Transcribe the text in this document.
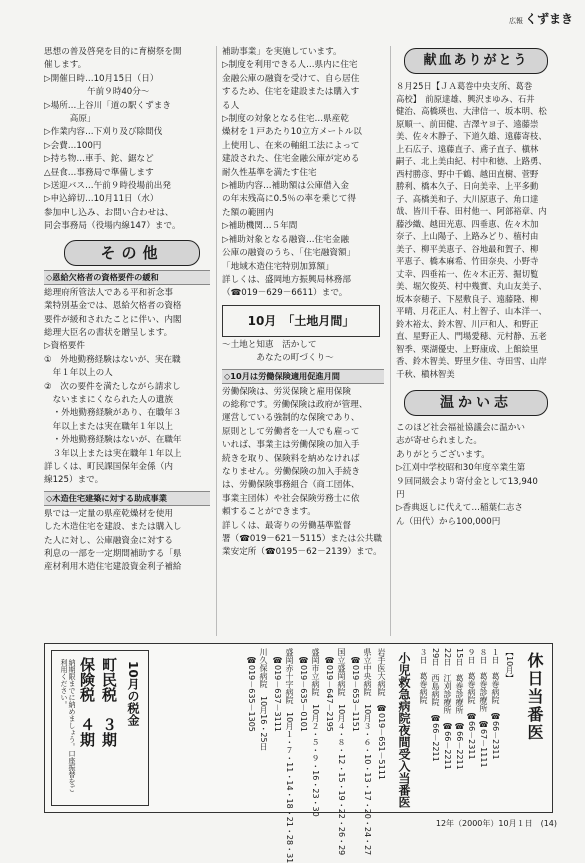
広報 くずまき

思想の普及啓発を目的に育樹祭を開

催します。

▷開催日時…10月15日（日）

　　　　　午前９時40分～

▷場所…上谷川「道の駅くずまき

　　　高原」

▷作業内容…下刈り及び除間伐

▷会費…100円

▷持ち物…車手、鉈、鋸など

△昼食…事務局で準備します

▷送迎バス…午前９時役場前出発

▷申込締切…10月11日（水）

参加申し込み、お問い合わせは、

同会事務局（役場内線147）まで。

その他
◇恩給欠格者の資格要件の緩和

総理府所管法人である平和祈念事

業特別基金では、恩給欠格者の資格

要件が緩和されたことに伴い、内閣

総理大臣名の書状を贈呈します。

▷資格要件

①　外地勤務経験はないが、実在職

　年１年以上の人

②　次の要件を満たしながら請求し

　ないままにくなられた人の遺族

　・外地勤務経験があり、在職年３

　年以上または実在職年１年以上

　・外地勤務経験はないが、在職年

　３年以上または実在職年１年以上

詳しくは、町民課国保年金係（内

線125）まで。

◇木造住宅建築に対する助成事業

県では一定量の県産乾燥材を使用

した木造住宅を建設、または購入し

た人に対し、公庫融資金に対する

利息の一部を一定期間補助する「県

産材利用木造住宅建設資金利子補給

補助事業」を実施しています。

▷制度を利用できる人…県内に住宅

金融公庫の融資を受けて、自ら居住

するため、住宅を建設または購入す

る人

▷制度の対象となる住宅…県産乾

燥材を１戸あたり10立方メートル以

上使用し、在来の軸組工法によって

建設された、住宅金融公庫が定める

耐久性基準を満たす住宅

▷補助内容…補助額は公庫借入金

の年末残高に0.5％の率を乗じて得

た額の範囲内

▷補助機関…５年間

▷補助対象となる融資…住宅金融

公庫の融資のうち、「住宅融資額」

「地域木造住宅特別加算額」

詳しくは、盛岡地方振興局林務部

（☎019－629－6611）まで。

10月　「土地月間」

～土地と知恵　活かして

　　　　あなたの町づくり～

◇10月は労働保険適用促進月間

労働保険は、労災保険と雇用保険

の総称です。労働保険は政府が管理、

運営している強制的な保険であり、

原則として労働者を一人でも雇って

いれば、事業主は労働保険の加入手

続きを取り、保険料を納めなければ

なりません。労働保険の加入手続き

は、労働保険事務組合（商工団体、

事業主団体）や社会保険労務士に依

頼することができます。

詳しくは、最寄りの労働基準監督

署（☎019－621－5115）または公共職

業安定所（☎0195－62－2139）まで。

献血ありがとう

８月25日【ＪＡ葛巻中央支所、葛巻

高校】　前原達雄、興沢まゆみ、石井

健治、高橋瑛也、大津信一、坂本明、松

原順一、前田健、吉澤ヤヨ子、遠藤崇

美、佐々木静子、下道久雄、遠藤寄枝、

上石広子、遠藤直子、鳶子直子、槇林

嗣子、北上美由紀、村中和徳、上路勇、

西村勝彦、野中千鶴、越田直樹、菅野

勝利、橋本久子、日向美幸、上平多動

子、高橋美和子、大川原恵子、角口達

哉、皆川千春、田村他一、阿部裕章、内

藤沙織、越田光恵、四垂恵、佐々木加

奈子、上山陽子、上路みどり、植村由

美子、柳平美恵子、谷地最和賀子、柳

平恵子、橋本麻希、竹田奈央、小野寺

丈幸、四垂祐一、佐々木正芳、掘切覧

美、堀欠俊英、村中幾實、丸山友美子、

坂本奈穂子、下屋敷良子、遠藤隆、柳

平晴、月花正人、村上智子、山本洋一、

鈴木裕太、鈴木智、川戸和人、和野正

直、星野正人、門場愛穂、元村静、五老

智季、栗湖優史、上野康成、上館絵里

香、鈴木智美、野里夕佳、寺田雪、山岸

千秋、槇林智美

温かい志

このほど社会福祉協議会に温かい

志が寄せられました。

ありがとうございます。

▷江刈中学校昭和30年度卒業生第

９回同級会より寄付金として13,940

円

▷香典返しに代えて…稲葉仁志さ

ん（田代）から100,000円

休日当番医
【10月】
１日　葛巻病院　☎66－2311
８日　葛巻診療所　☎67－1111
９日　葛巻病院　☎66－2311
15日　葛巻診療所　☎66－2211
22日　江刈診療所　☎66－2211
29日　西島病院　☎66－2211
３日　葛巻病院
小児救急病院夜間受入当番医
岩手医大病院　☎019－651－5111
県立中央病院　10月３・６・10・13・17・20・24・27
　☎019－653－1151
国立盛岡病院　10月４・８・12・15・19・22・26・29
　☎019－647－2195
盛岡市立病院　10月２・５・９・16・23・30
　☎019－635－0101
盛岡赤十字病院　10月１・７・11・14・18・21・28・31
　☎019－637－3111
川久保病院　10月16・25日
　☎019－635－1305
10月の税金
町民税　３期
保険税　４期
納期限までに納めましょう。口座振替をご利用ください。
12年（2000年）10月１日　(14)
